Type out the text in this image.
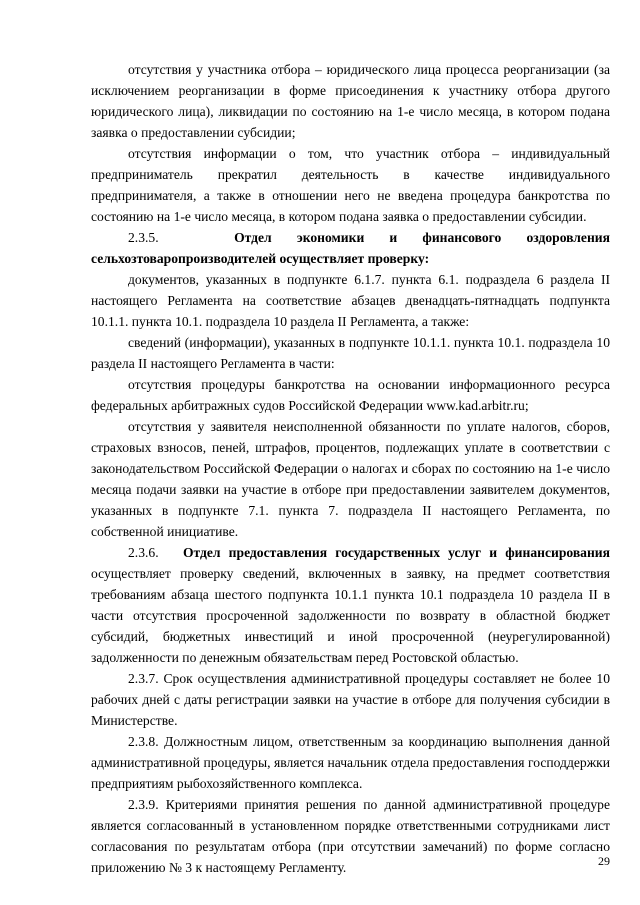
отсутствия у участника отбора – юридического лица процесса реорганизации (за исключением реорганизации в форме присоединения к участнику отбора другого юридического лица), ликвидации по состоянию на 1-е число месяца, в котором подана заявка о предоставлении субсидии;

отсутствия информации о том, что участник отбора – индивидуальный предприниматель прекратил деятельность в качестве индивидуального предпринимателя, а также в отношении него не введена процедура банкротства по состоянию на 1-е число месяца, в котором подана заявка о предоставлении субсидии.

2.3.5.	Отдел экономики и финансового оздоровления сельхозтоваропроизводителей осуществляет проверку:

документов, указанных в подпункте 6.1.7. пункта 6.1. подраздела 6 раздела II настоящего Регламента на соответствие абзацев двенадцать-пятнадцать подпункта 10.1.1. пункта 10.1. подраздела 10 раздела II Регламента, а также:

сведений (информации), указанных в подпункте 10.1.1. пункта 10.1. подраздела 10 раздела II настоящего Регламента в части:

отсутствия процедуры банкротства на основании информационного ресурса федеральных арбитражных судов Российской Федерации www.kad.arbitr.ru;

отсутствия у заявителя неисполненной обязанности по уплате налогов, сборов, страховых взносов, пеней, штрафов, процентов, подлежащих уплате в соответствии с законодательством Российской Федерации о налогах и сборах по состоянию на 1-е число месяца подачи заявки на участие в отборе при предоставлении заявителем документов, указанных в подпункте 7.1. пункта 7. подраздела II настоящего Регламента, по собственной инициативе.

2.3.6. Отдел предоставления государственных услуг и финансирования осуществляет проверку сведений, включенных в заявку, на предмет соответствия требованиям абзаца шестого подпункта 10.1.1 пункта 10.1 подраздела 10 раздела II в части отсутствия просроченной задолженности по возврату в областной бюджет субсидий, бюджетных инвестиций и иной просроченной (неурегулированной) задолженности по денежным обязательствам перед Ростовской областью.

2.3.7. Срок осуществления административной процедуры составляет не более 10 рабочих дней с даты регистрации заявки на участие в отборе для получения субсидии в Министерстве.

2.3.8. Должностным лицом, ответственным за координацию выполнения данной административной процедуры, является начальник отдела предоставления господдержки предприятиям рыбохозяйственного комплекса.

2.3.9. Критериями принятия решения по данной административной процедуре является согласованный в установленном порядке ответственными сотрудниками лист согласования по результатам отбора (при отсутствии замечаний) по форме согласно приложению № 3 к настоящему Регламенту.	29
